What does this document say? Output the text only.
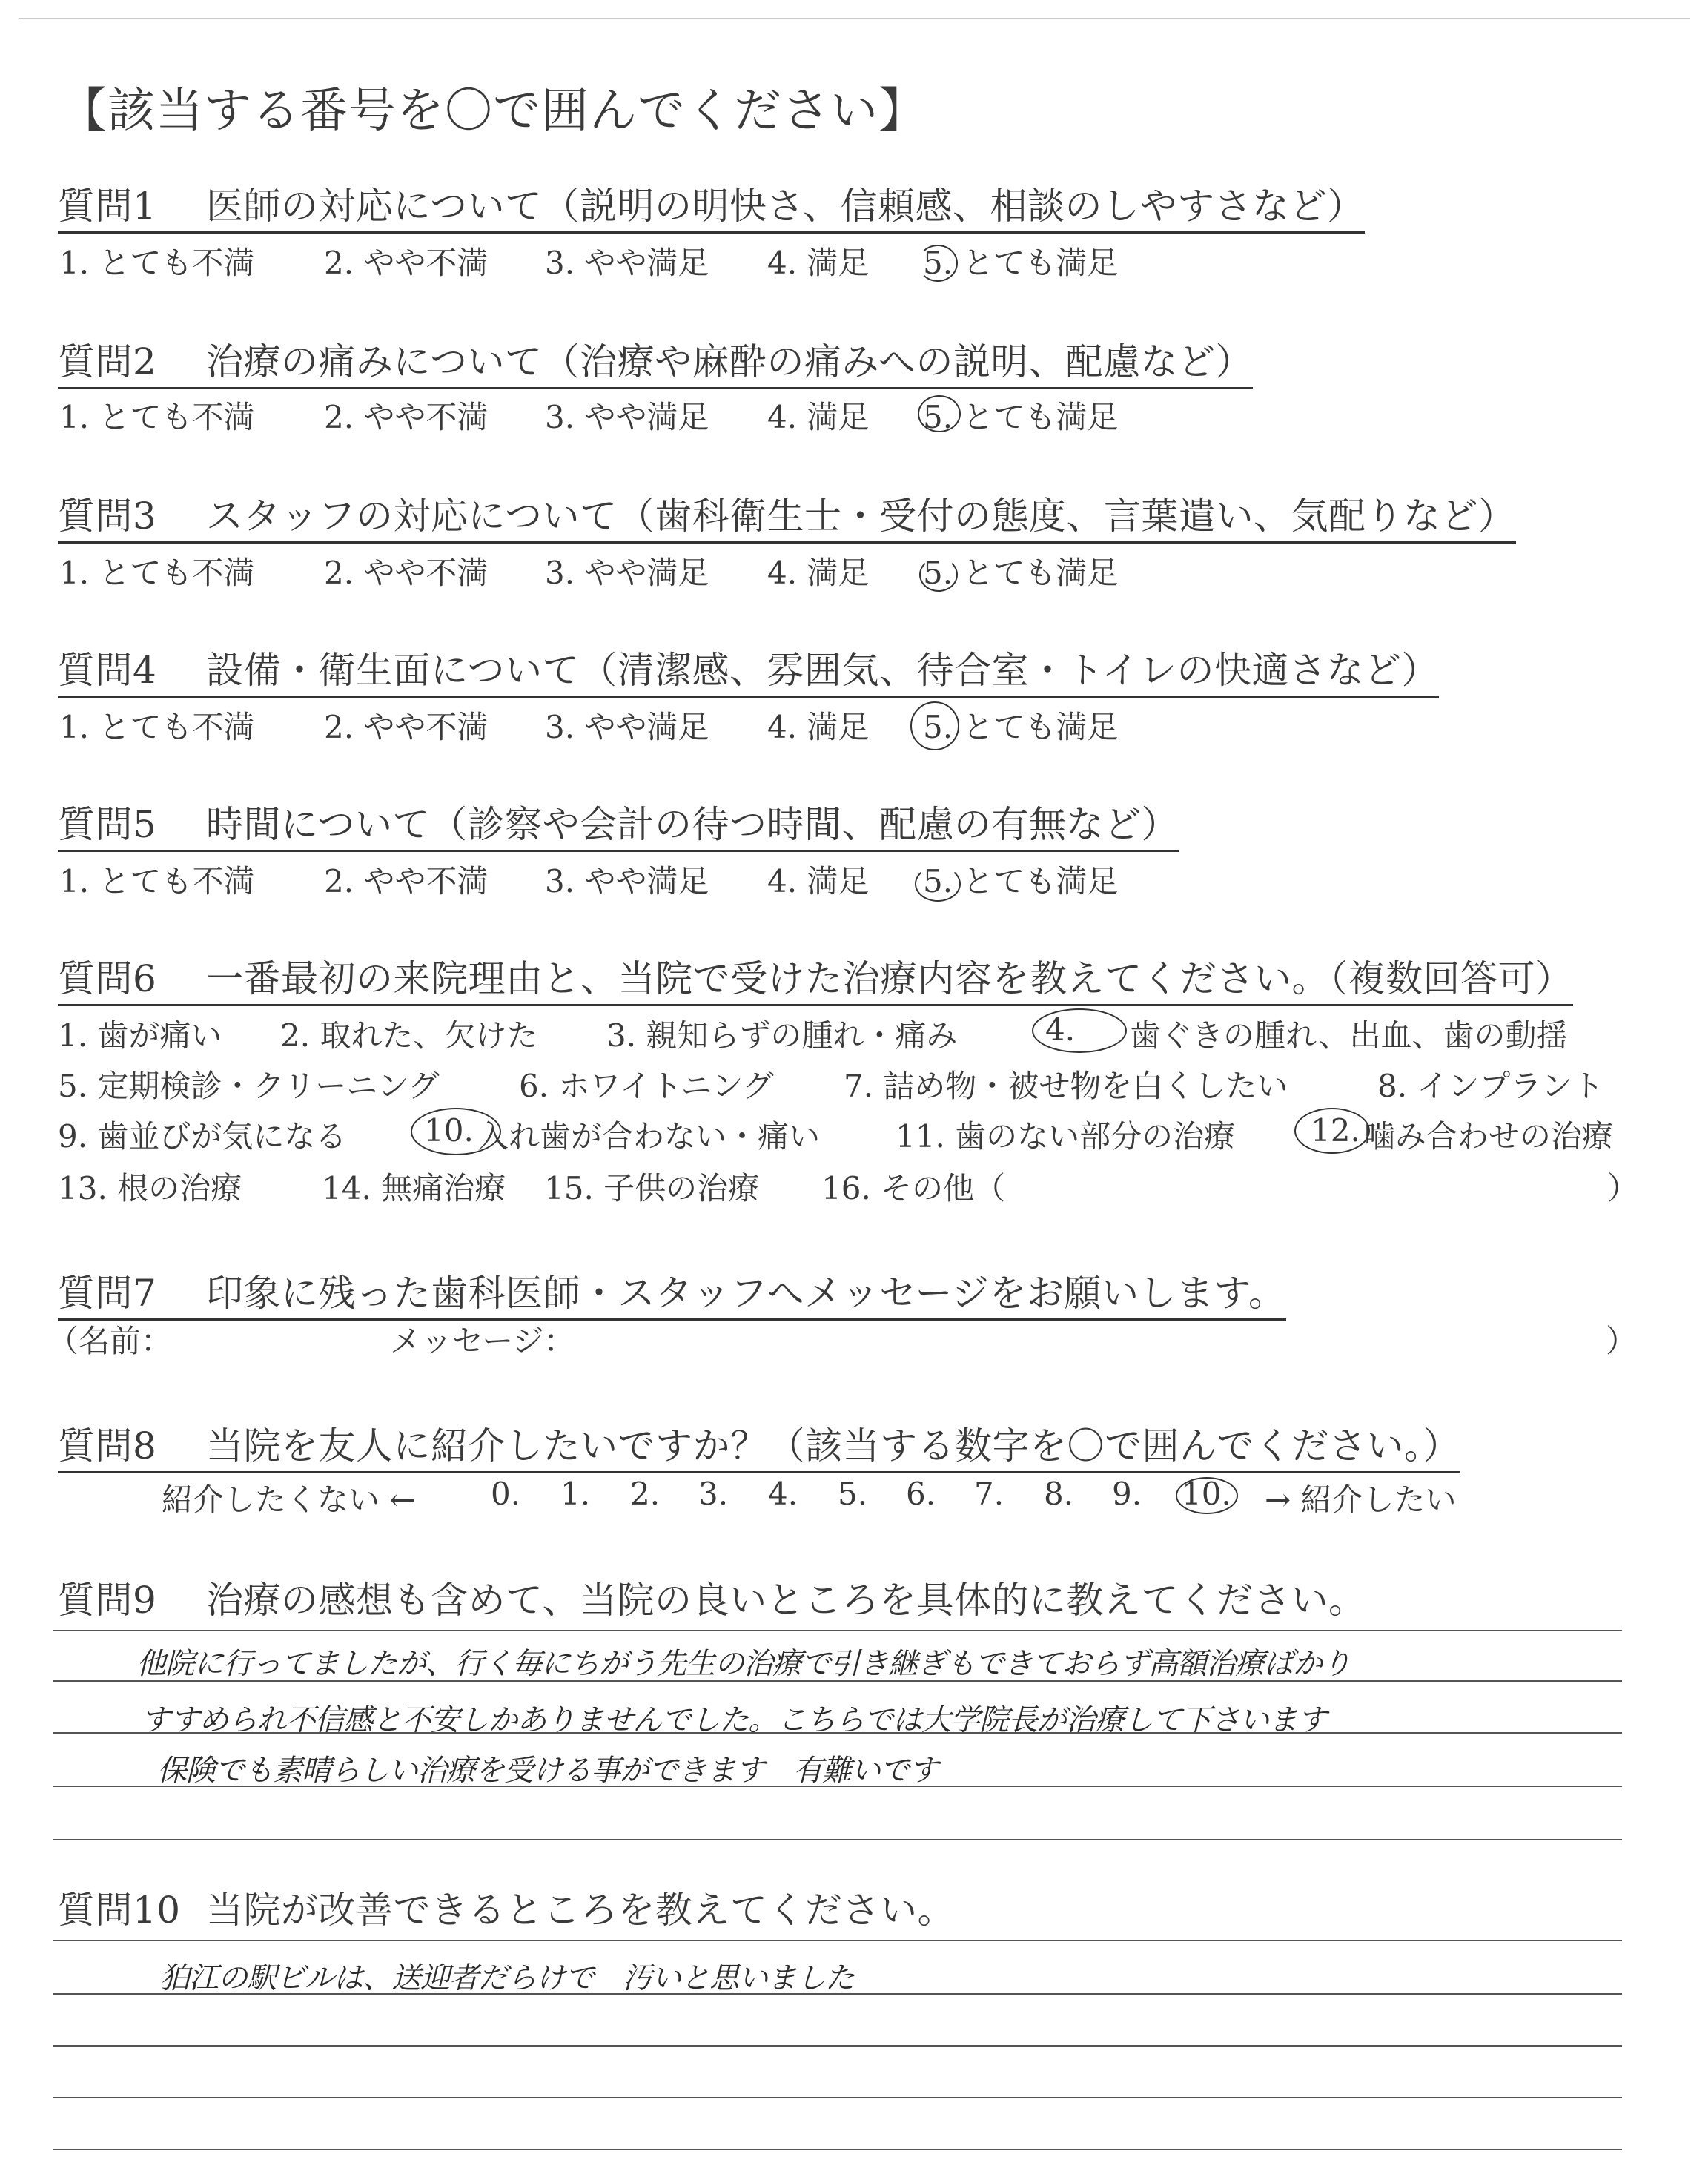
【該当する番号を〇で囲んでください】
質問1 医師の対応について（説明の明快さ、信頼感、相談のしやすさなど）
1. とても不満 2. やや不満 3. やや満足 4. 満足 5. とても満足
質問2 治療の痛みについて（治療や麻酔の痛みへの説明、配慮など）
1. とても不満 2. やや不満 3. やや満足 4. 満足 5. とても満足
質問3 スタッフの対応について（歯科衛生士・受付の態度、言葉遣い、気配りなど）
1. とても不満 2. やや不満 3. やや満足 4. 満足 5. とても満足
質問4 設備・衛生面について（清潔感、雰囲気、待合室・トイレの快適さなど）
1. とても不満 2. やや不満 3. やや満足 4. 満足 5. とても満足
質問5 時間について（診察や会計の待つ時間、配慮の有無など）
1. とても不満 2. やや不満 3. やや満足 4. 満足 5. とても満足
質問6 一番最初の来院理由と、当院で受けた治療内容を教えてください。（複数回答可）
1. 歯が痛い 2. 取れた、欠けた 3. 親知らずの腫れ・痛み	4. 歯ぐきの腫れ、出血、歯の動揺
5. 定期検診・クリーニング	6. ホワイトニング 7. 詰め物・被せ物を白くしたい	8. インプラント
9. 歯並びが気になる 10. 入れ歯が合わない・痛い 11. 歯のない部分の治療 12. 噛み合わせの治療
13. 根の治療	14. 無痛治療 15. 子供の治療 16. その他（	）
質問7 印象に残った歯科医師・スタッフへメッセージをお願いします。
（名前：	メッセージ：	）
質問8 当院を友人に紹介したいですか？（該当する数字を〇で囲んでください。）
紹介したくない ← 0. 1. 2. 3. 4. 5. 6. 7. 8. 9. 10. → 紹介したい
質問9 治療の感想も含めて、当院の良いところを具体的に教えてください。
他院に行ってましたが、行く毎にちがう先生の治療で引き継ぎもできておらず高額治療ばかり
すすめられ不信感と不安しかありませんでした。こちらでは大学院長が治療して下さいます
保険でも素晴らしい治療を受ける事ができます　有難いです
質問10 当院が改善できるところを教えてください。
狛江の駅ビルは、送迎者だらけで　汚いと思いました
